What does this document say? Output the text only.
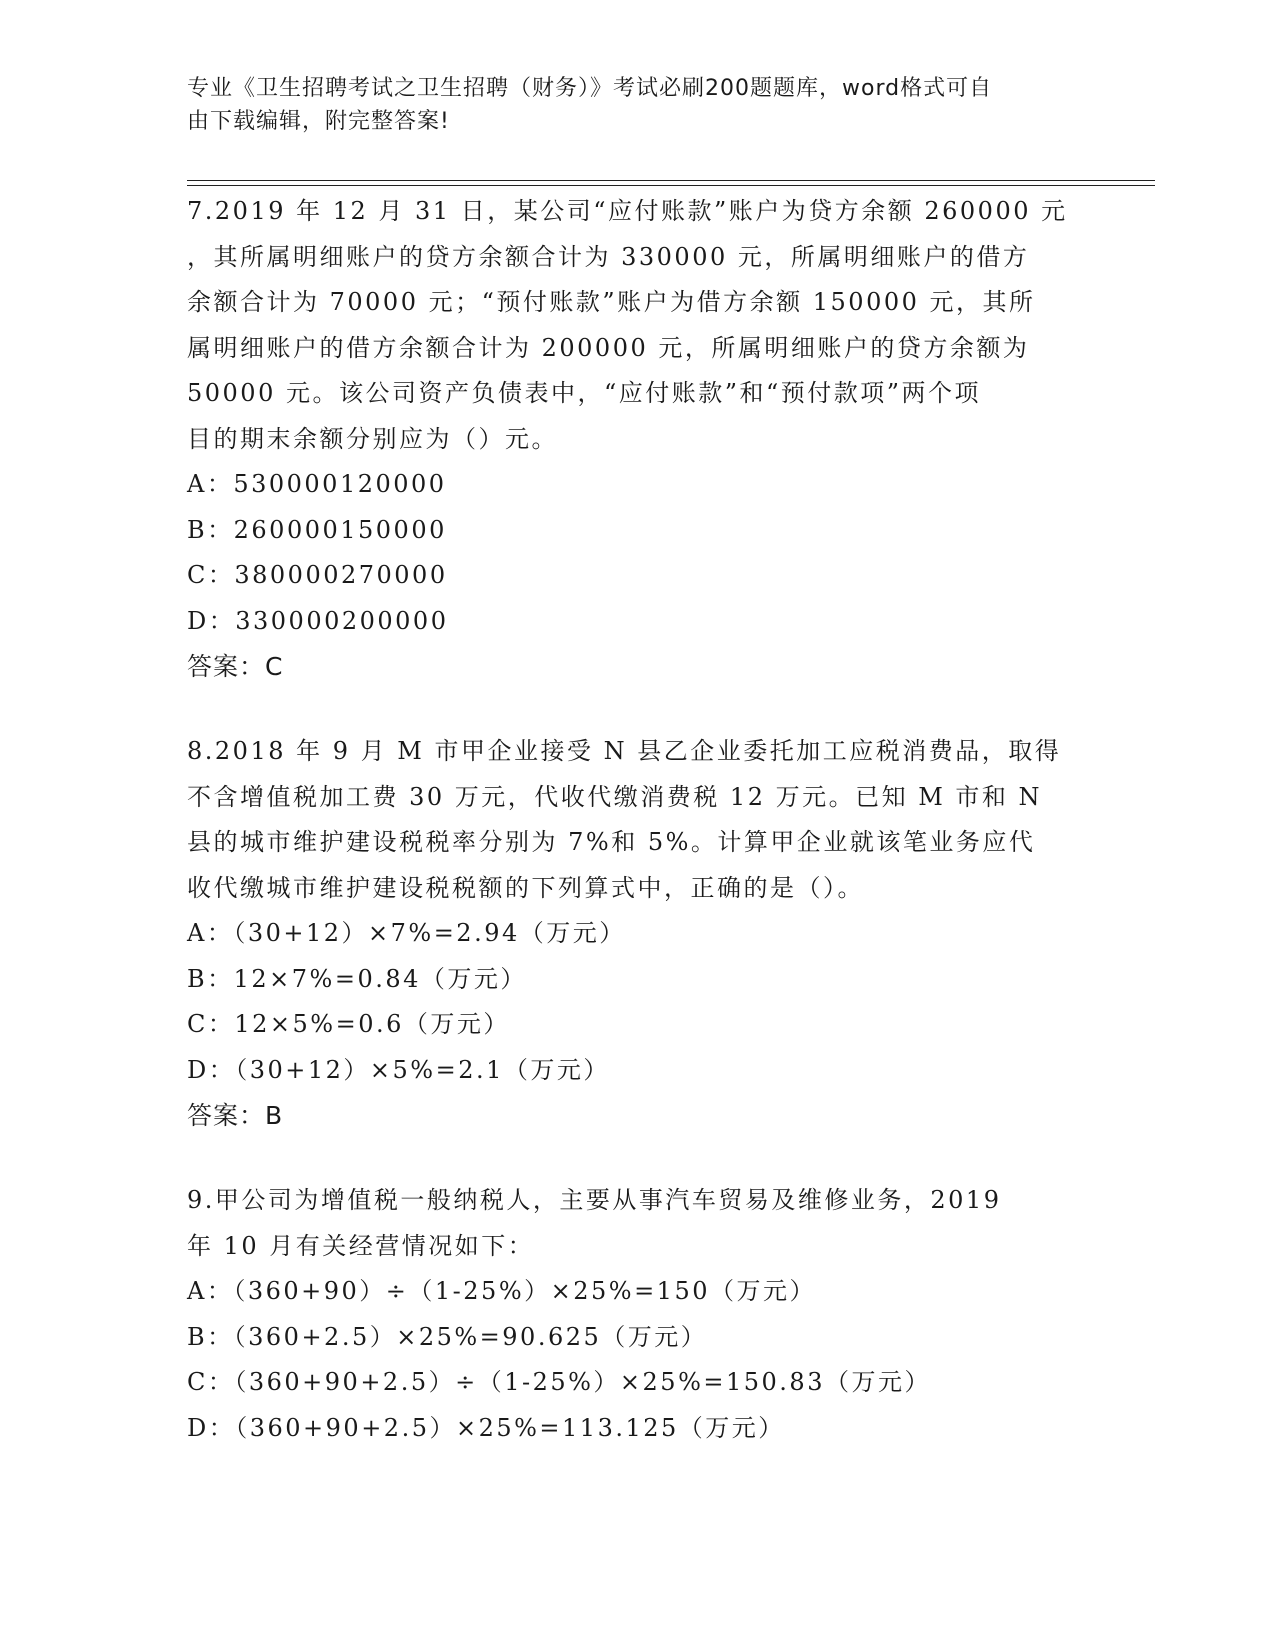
专业《卫生招聘考试之卫生招聘（财务）》考试必刷200题题库，word格式可自
由下载编辑，附完整答案!

7.2019 年 12 月 31 日，某公司“应付账款”账户为贷方余额 260000 元

，其所属明细账户的贷方余额合计为 330000 元，所属明细账户的借方

余额合计为 70000 元；“预付账款”账户为借方余额 150000 元，其所

属明细账户的借方余额合计为 200000 元，所属明细账户的贷方余额为

50000 元。该公司资产负债表中，“应付账款”和“预付款项”两个项

目的期末余额分别应为（）元。

A：530000120000

B：260000150000

C：380000270000

D：330000200000

答案：C

8.2018 年 9 月 M 市甲企业接受 N 县乙企业委托加工应税消费品，取得

不含增值税加工费 30 万元，代收代缴消费税 12 万元。已知 M 市和 N

县的城市维护建设税税率分别为 7%和 5%。计算甲企业就该笔业务应代

收代缴城市维护建设税税额的下列算式中，正确的是（）。

A：（30+12）×7%=2.94（万元）

B：12×7%=0.84（万元）

C：12×5%=0.6（万元）

D：（30+12）×5%=2.1（万元）

答案：B

9.甲公司为增值税一般纳税人，主要从事汽车贸易及维修业务，2019

年 10 月有关经营情况如下：

A：（360+90）÷（1-25%）×25%=150（万元）

B：（360+2.5）×25%=90.625（万元）

C：（360+90+2.5）÷（1-25%）×25%=150.83（万元）

D：（360+90+2.5）×25%=113.125（万元）
